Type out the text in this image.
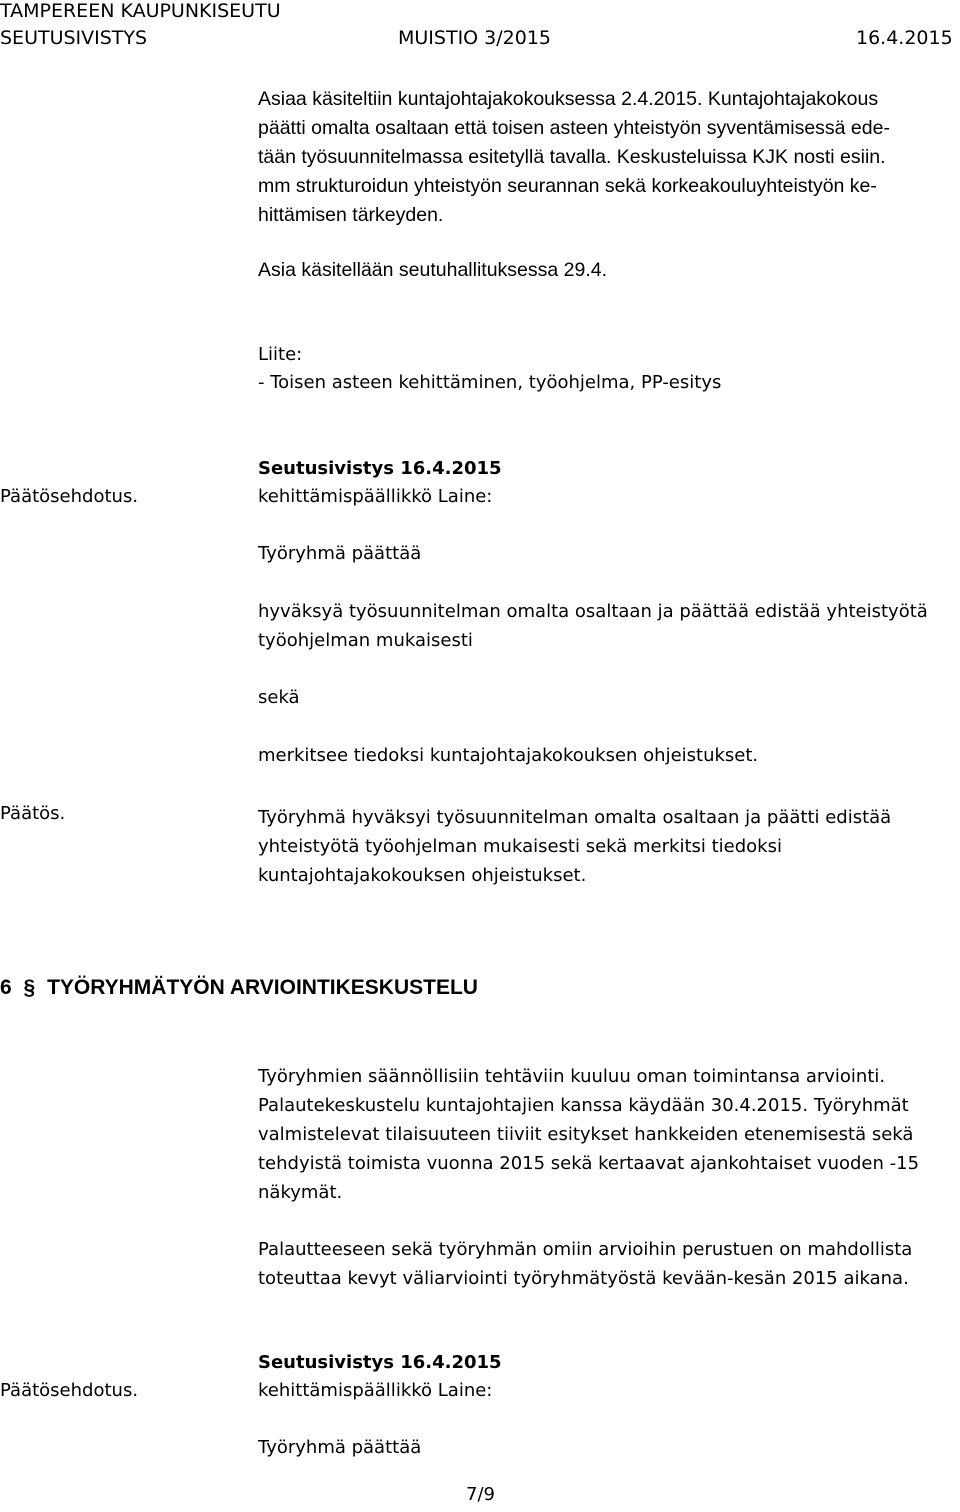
TAMPEREEN KAUPUNKISEUTU
SEUTUSIVISTYS	MUISTIO 3/2015	16.4.2015
Asiaa käsiteltiin kuntajohtajakokouksessa 2.4.2015. Kuntajohtajakokous
päätti omalta osaltaan että toisen asteen yhteistyön syventämisessä ede-
tään työsuunnitelmassa esitetyllä tavalla. Keskusteluissa KJK nosti esiin.
mm strukturoidun yhteistyön seurannan sekä korkeakouluyhteistyön ke-
hittämisen tärkeyden.
Asia käsitellään seutuhallituksessa 29.4.
Liite:
- Toisen asteen kehittäminen, työohjelma, PP-esitys
Päätösehdotus.
Seutusivistys 16.4.2015
kehittämispäällikkö Laine:
Työryhmä päättää
hyväksyä työsuunnitelman omalta osaltaan ja päättää edistää yhteistyötä
työohjelman mukaisesti
sekä
merkitsee tiedoksi kuntajohtajakokouksen ohjeistukset.
Päätös.	Työryhmä hyväksyi työsuunnitelman omalta osaltaan ja päätti edistää
yhteistyötä työohjelman mukaisesti sekä merkitsi tiedoksi
kuntajohtajakokouksen ohjeistukset.
6 § TYÖRYHMÄTYÖN ARVIOINTIKESKUSTELU
Työryhmien säännöllisiin tehtäviin kuuluu oman toimintansa arviointi.
Palautekeskustelu kuntajohtajien kanssa käydään 30.4.2015. Työryhmät
valmistelevat tilaisuuteen tiiviit esitykset hankkeiden etenemisestä sekä
tehdyistä toimista vuonna 2015 sekä kertaavat ajankohtaiset vuoden -15
näkymät.
Palautteeseen sekä työryhmän omiin arvioihin perustuen on mahdollista
toteuttaa kevyt väliarviointi työryhmätyöstä kevään-kesän 2015 aikana.
Päätösehdotus.
Seutusivistys 16.4.2015
kehittämispäällikkö Laine:
Työryhmä päättää
7/9
